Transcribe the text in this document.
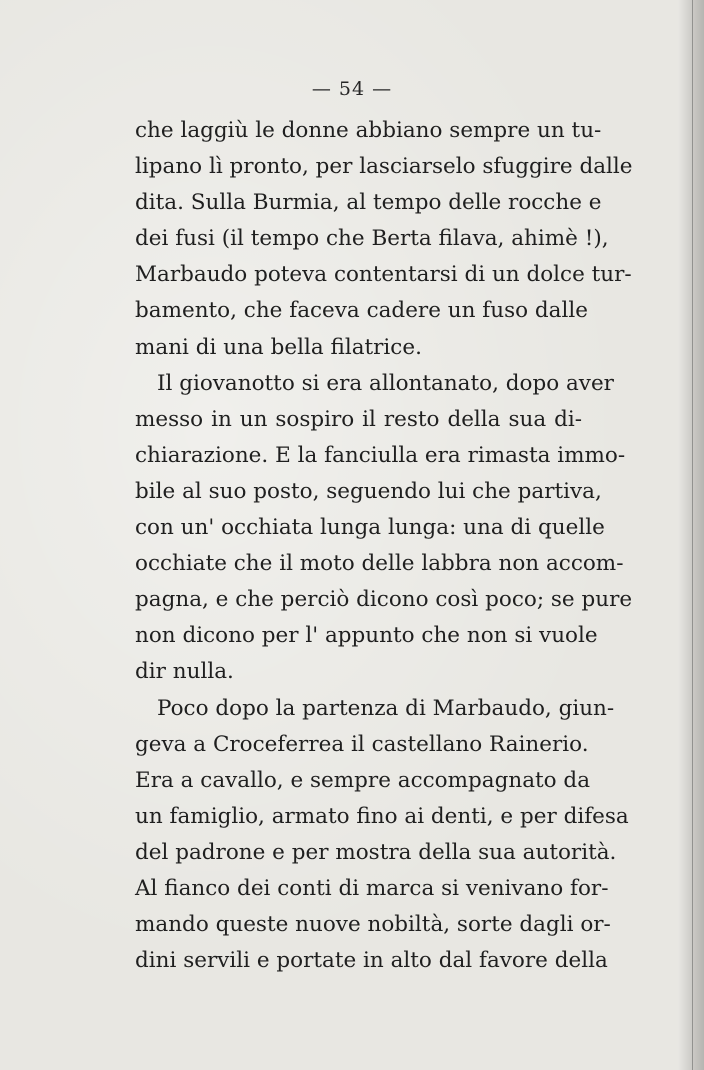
— 54 —
che laggiù le donne abbiano sempre un tu-
lipano lì pronto, per lasciarselo sfuggire dalle
dita. Sulla Burmia, al tempo delle rocche e
dei fusi (il tempo che Berta filava, ahimè !),
Marbaudo poteva contentarsi di un dolce tur-
bamento, che faceva cadere un fuso dalle
mani di una bella filatrice.
Il giovanotto si era allontanato, dopo aver
messo in un sospiro il resto della sua di-
chiarazione. E la fanciulla era rimasta immo-
bile al suo posto, seguendo lui che partiva,
con un' occhiata lunga lunga: una di quelle
occhiate che il moto delle labbra non accom-
pagna, e che perciò dicono così poco; se pure
non dicono per l' appunto che non si vuole
dir nulla.
Poco dopo la partenza di Marbaudo, giun-
geva a Croceferrea il castellano Rainerio.
Era a cavallo, e sempre accompagnato da
un famiglio, armato fino ai denti, e per difesa
del padrone e per mostra della sua autorità.
Al fianco dei conti di marca si venivano for-
mando queste nuove nobiltà, sorte dagli or-
dini servili e portate in alto dal favore della
